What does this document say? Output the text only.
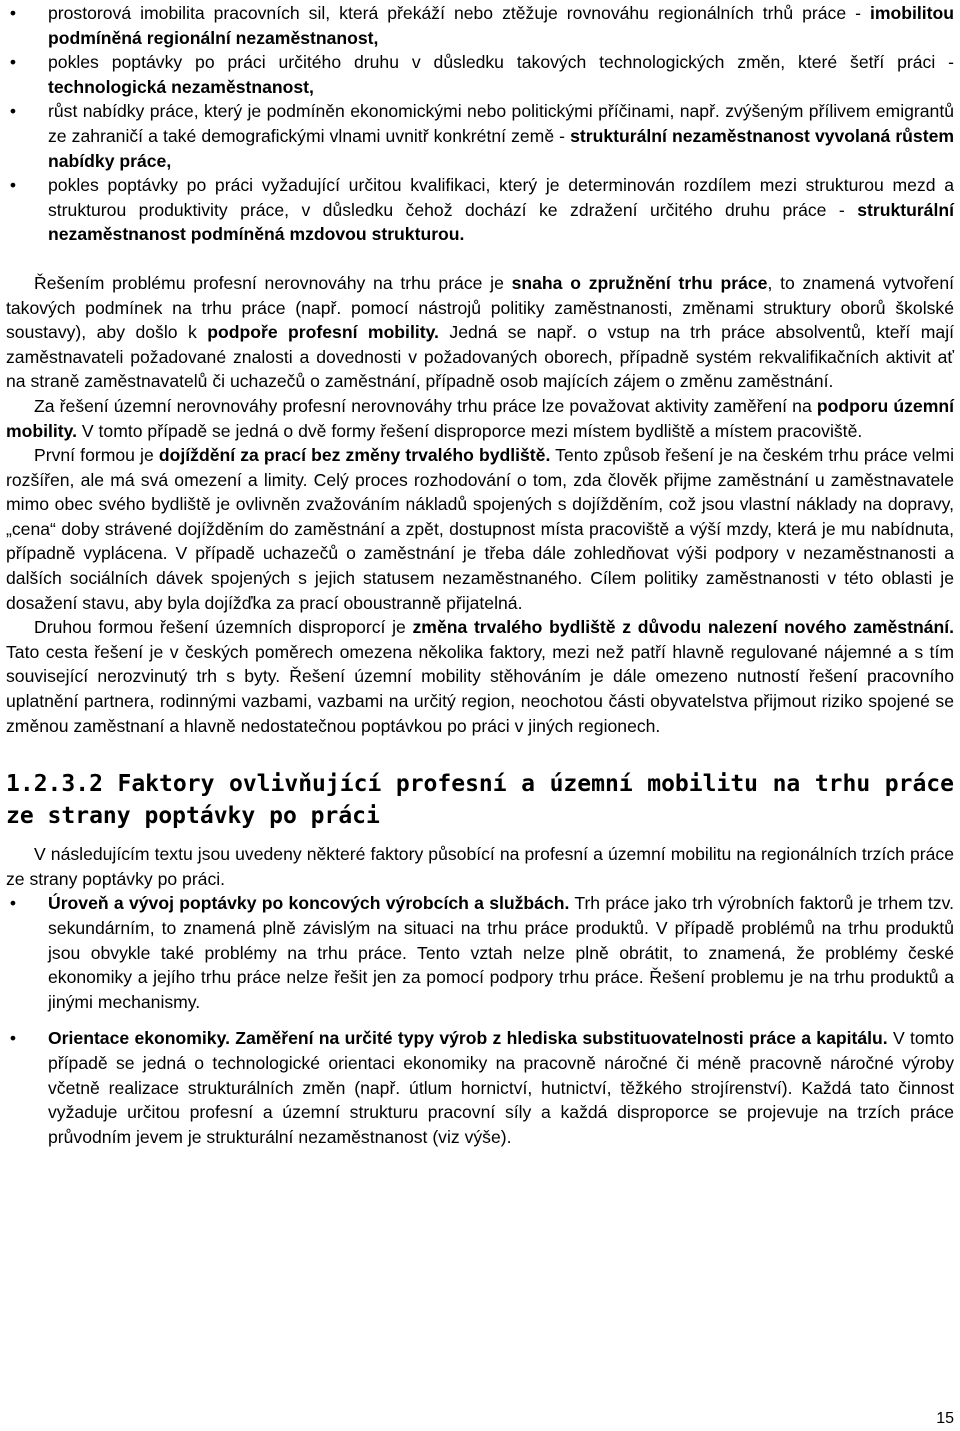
• prostorová imobilita pracovních sil, která překáží nebo ztěžuje rovnováhu regionálních trhů práce - imobilitou podmíněná regionální nezaměstnanost,
• pokles poptávky po práci určitého druhu v důsledku takových technologických změn, které šetří práci - technologická nezaměstnanost,
• růst nabídky práce, který je podmíněn ekonomickými nebo politickými příčinami, např. zvýšeným přílivem emigrantů ze zahraničí a také demografickými vlnami uvnitř konkrétní země - strukturální nezaměstnanost vyvolaná růstem nabídky práce,
• pokles poptávky po práci vyžadující určitou kvalifikaci, který je determinován rozdílem mezi strukturou mezd a strukturou produktivity práce, v důsledku čehož dochází ke zdražení určitého druhu práce - strukturální nezaměstnanost podmíněná mzdovou strukturou.

Řešením problému profesní nerovnováhy na trhu práce je snaha o zpružnění trhu práce, to znamená vytvoření takových podmínek na trhu práce (např. pomocí nástrojů politiky zaměstnanosti, změnami struktury oborů školské soustavy), aby došlo k podpoře profesní mobility. Jedná se např. o vstup na trh práce absolventů, kteří mají zaměstnavateli požadované znalosti a dovednosti v požadovaných oborech, případně systém rekvalifikačních aktivit ať na straně zaměstnavatelů či uchazečů o zaměstnání, případně osob majících zájem o změnu zaměstnání.

Za řešení územní nerovnováhy profesní nerovnováhy trhu práce lze považovat aktivity zaměření na podporu územní mobility. V tomto případě se jedná o dvě formy řešení disproporce mezi místem bydliště a místem pracoviště.

První formou je dojíždění za prací bez změny trvalého bydliště. Tento způsob řešení je na českém trhu práce velmi rozšířen, ale má svá omezení a limity. Celý proces rozhodování o tom, zda člověk přijme zaměstnání u zaměstnavatele mimo obec svého bydliště je ovlivněn zvažováním nákladů spojených s dojížděním, což jsou vlastní náklady na dopravy, „cena“ doby strávené dojížděním do zaměstnání a zpět, dostupnost místa pracoviště a výší mzdy, která je mu nabídnuta, případně vyplácena. V případě uchazečů o zaměstnání je třeba dále zohledňovat výši podpory v nezaměstnanosti a dalších sociálních dávek spojených s jejich statusem nezaměstnaného. Cílem politiky zaměstnanosti v této oblasti je dosažení stavu, aby byla dojížďka za prací oboustranně přijatelná.

Druhou formou řešení územních disproporcí je změna trvalého bydliště z důvodu nalezení nového zaměstnání. Tato cesta řešení je v českých poměrech omezena několika faktory, mezi než patří hlavně regulované nájemné a s tím související nerozvinutý trh s byty. Řešení územní mobility stěhováním je dále omezeno nutností řešení pracovního uplatnění partnera, rodinnými vazbami, vazbami na určitý region, neochotou části obyvatelstva přijmout riziko spojené se změnou zaměstnaní a hlavně nedostatečnou poptávkou po práci v jiných regionech.

1.2.3.2 Faktory ovlivňující profesní a územní mobilitu na trhu práce ze strany poptávky po práci

V následujícím textu jsou uvedeny některé faktory působící na profesní a územní mobilitu na regionálních trzích práce ze strany poptávky po práci.

• Úroveň a vývoj poptávky po koncových výrobcích a službách. Trh práce jako trh výrobních faktorů je trhem tzv. sekundárním, to znamená plně závislým na situaci na trhu práce produktů. V případě problémů na trhu produktů jsou obvykle také problémy na trhu práce. Tento vztah nelze plně obrátit, to znamená, že problémy české ekonomiky a jejího trhu práce nelze řešit jen za pomocí podpory trhu práce. Řešení problemu je na trhu produktů a jinými mechanismy.
• Orientace ekonomiky. Zaměření na určité typy výrob z hlediska substituovatelnosti práce a kapitálu. V tomto případě se jedná o technologické orientaci ekonomiky na pracovně náročné či méně pracovně náročné výroby včetně realizace strukturálních změn (např. útlum hornictví, hutnictví, těžkého strojírenství). Každá tato činnost vyžaduje určitou profesní a územní strukturu pracovní síly a každá disproporce se projevuje na trzích práce průvodním jevem je strukturální nezaměstnanost (viz výše).
15
